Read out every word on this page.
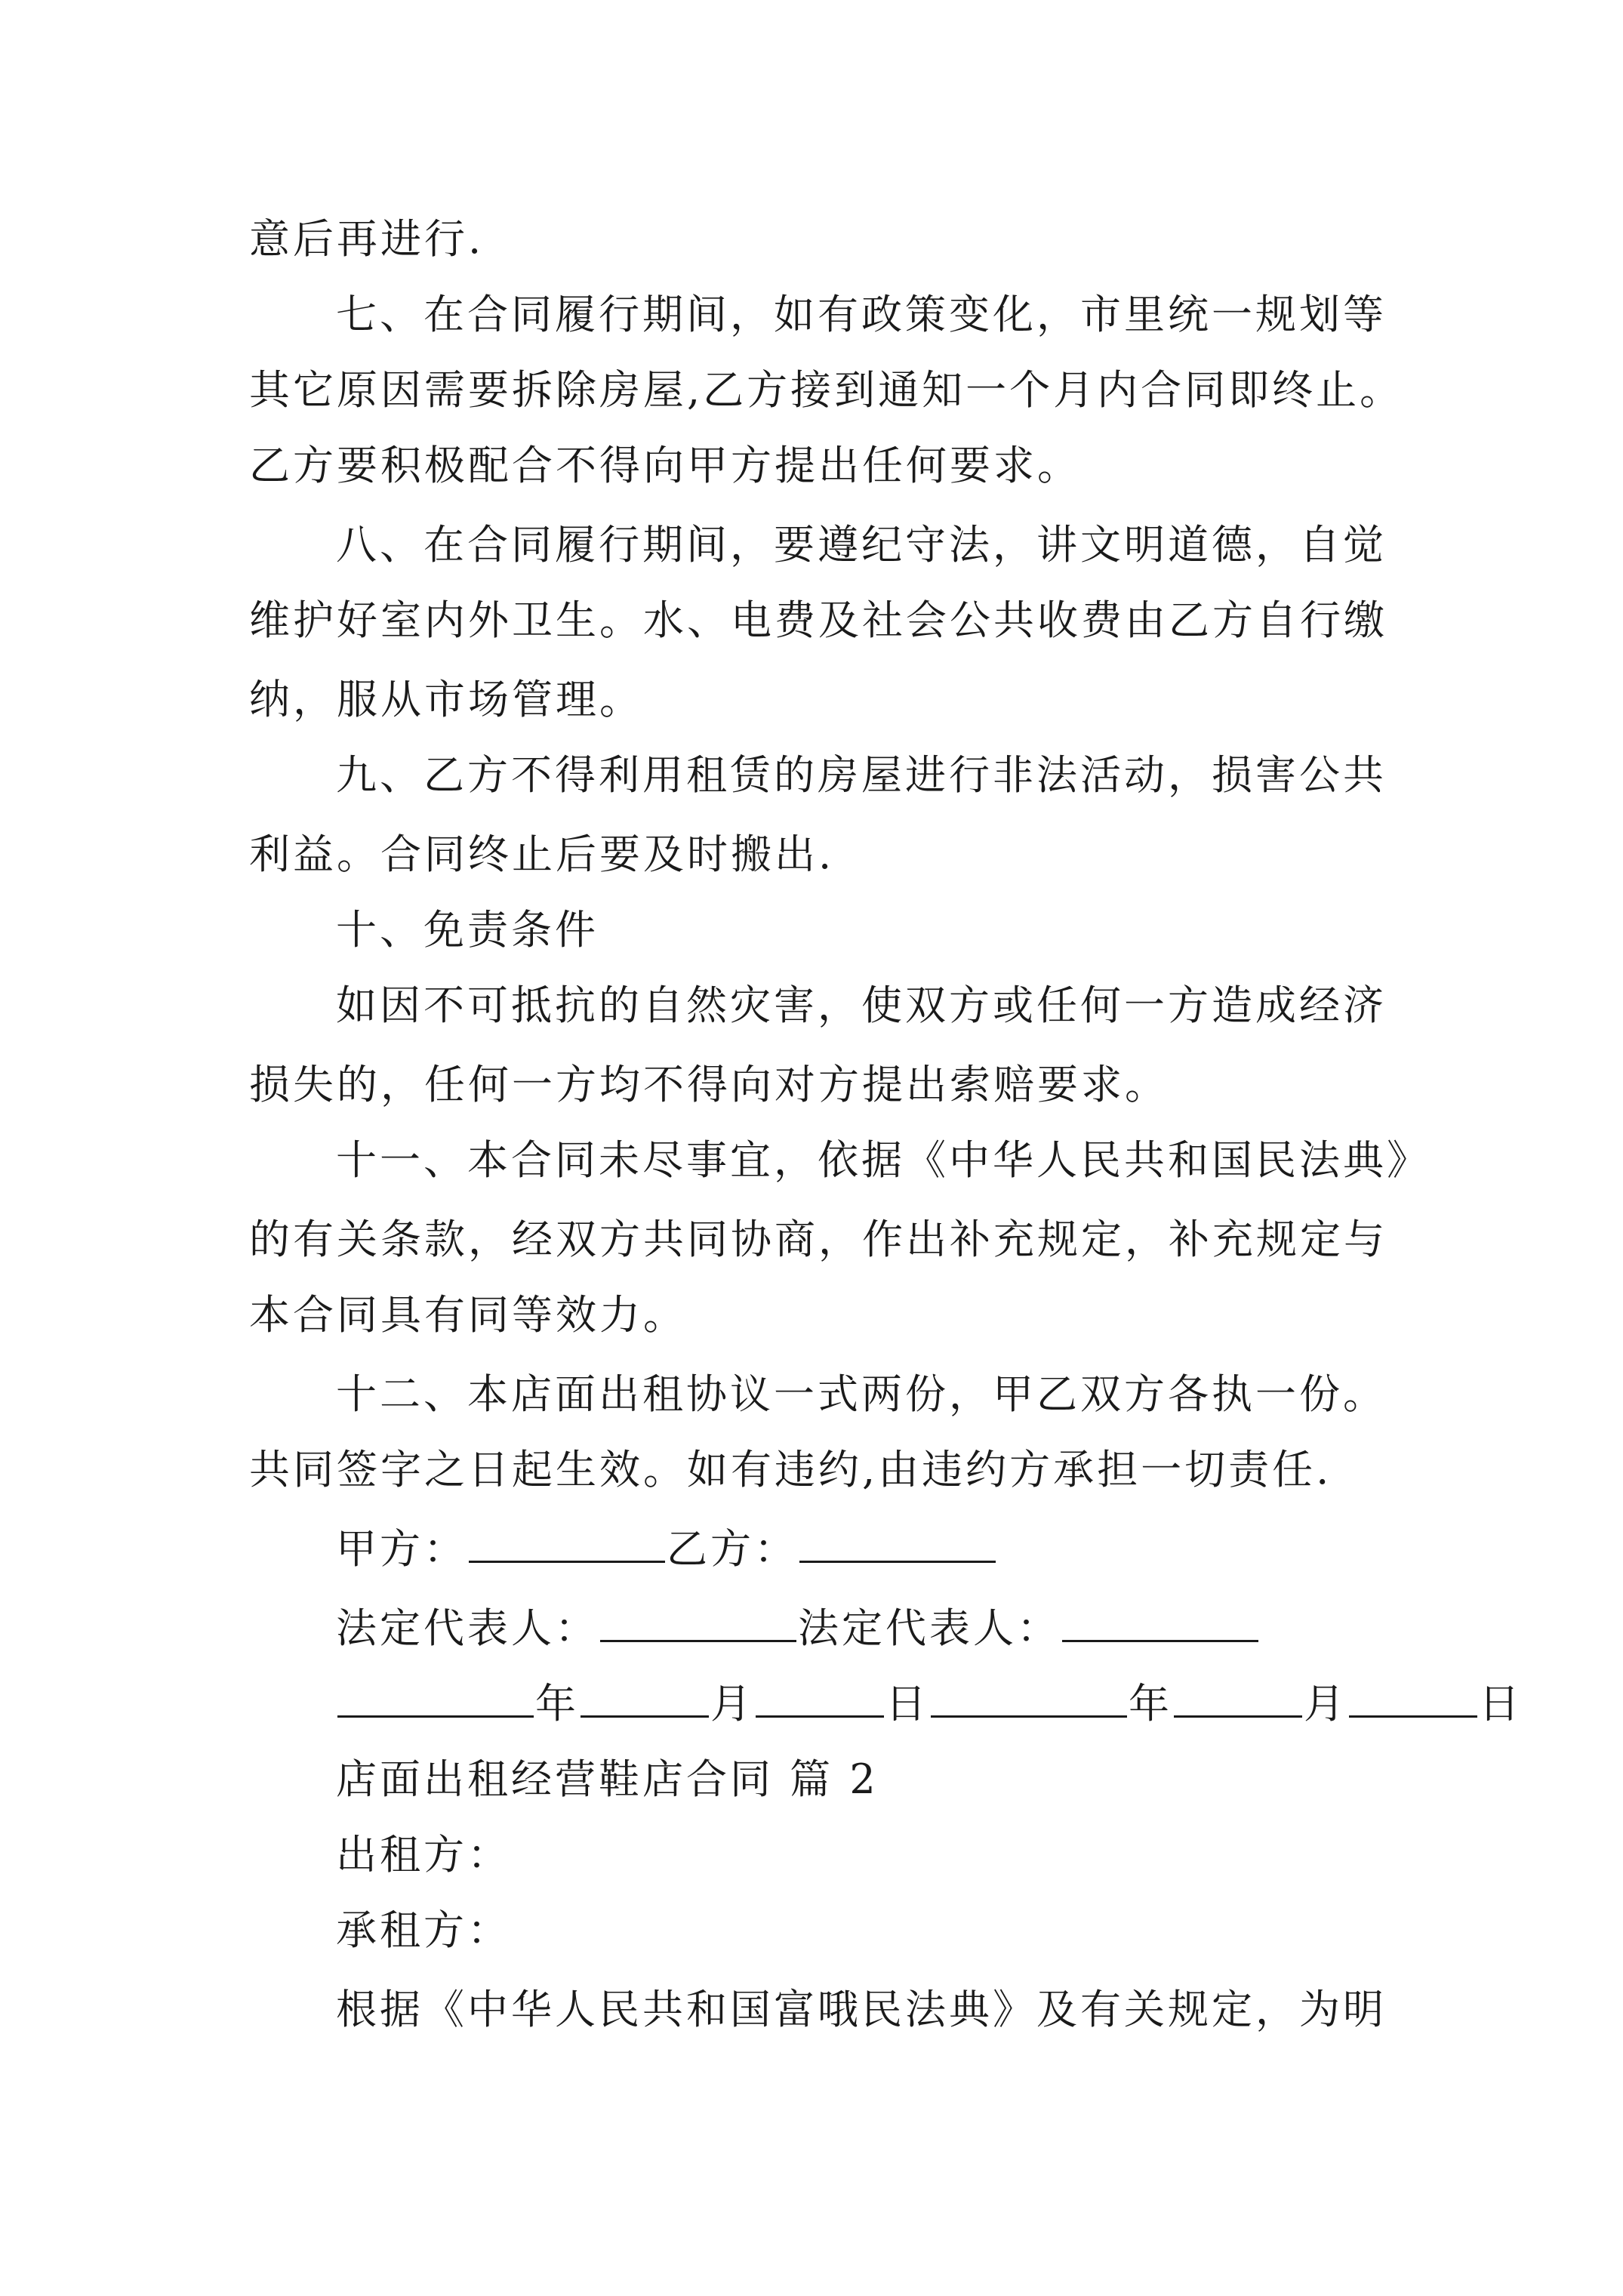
意后再进行.
七、在合同履行期间，如有政策变化，市里统一规划等
其它原因需要拆除房屋,乙方接到通知一个月内合同即终止。
乙方要积极配合不得向甲方提出任何要求。
八、在合同履行期间，要遵纪守法，讲文明道德，自觉
维护好室内外卫生。水、电费及社会公共收费由乙方自行缴
纳，服从市场管理。
九、乙方不得利用租赁的房屋进行非法活动，损害公共
利益。合同终止后要及时搬出.
十、免责条件
如因不可抵抗的自然灾害，使双方或任何一方造成经济
损失的，任何一方均不得向对方提出索赔要求。
十一、本合同未尽事宜，依据《中华人民共和国民法典》
的有关条款，经双方共同协商，作出补充规定，补充规定与
本合同具有同等效力。
十二、本店面出租协议一式两份，甲乙双方各执一份。
共同签字之日起生效。如有违约,由违约方承担一切责任.
甲方：	乙方：
法定代表人：	法定代表人：
年	月	日	年	月	日
店面出租经营鞋店合同 篇 2
出租方：
承租方：
根据《中华人民共和国富哦民法典》及有关规定，为明
